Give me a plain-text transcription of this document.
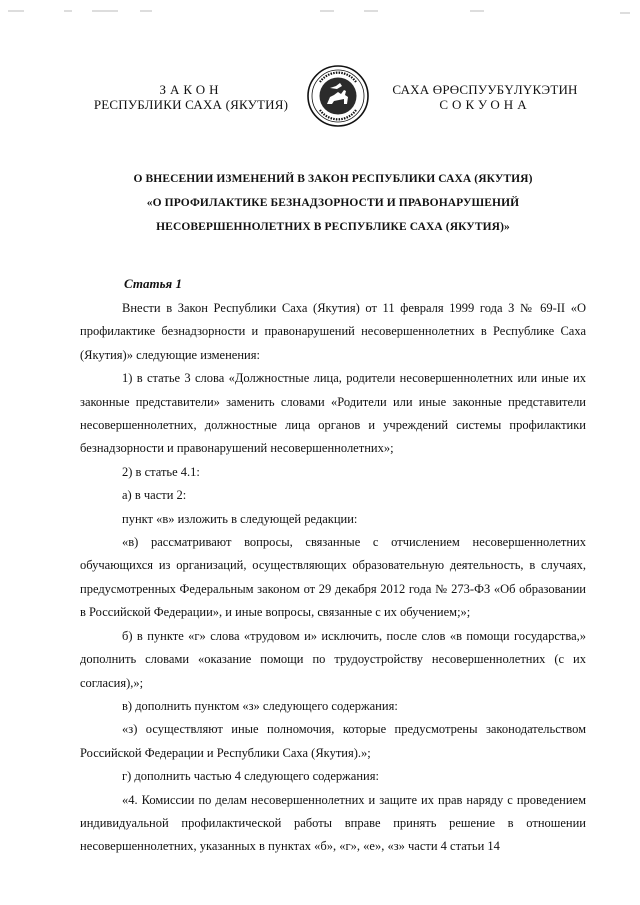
ЗАКОН
РЕСПУБЛИКИ САХА (ЯКУТИЯ)
САХА ӨРӨСПУУБҮЛҮКЭТИН
СОКУОНА
О ВНЕСЕНИИ ИЗМЕНЕНИЙ В ЗАКОН РЕСПУБЛИКИ САХА (ЯКУТИЯ)
«О ПРОФИЛАКТИКЕ БЕЗНАДЗОРНОСТИ И ПРАВОНАРУШЕНИЙ
НЕСОВЕРШЕННОЛЕТНИХ В РЕСПУБЛИКЕ САХА (ЯКУТИЯ)»
Статья 1

Внести в Закон Республики Саха (Якутия) от 11 февраля 1999 года З № 69-II «О профилактике безнадзорности и правонарушений несовершеннолетних в Республике Саха (Якутия)» следующие изменения:

1) в статье 3 слова «Должностные лица, родители несовершеннолетних или иные их законные представители» заменить словами «Родители или иные законные представители несовершеннолетних, должностные лица органов и учреждений системы профилактики безнадзорности и правонарушений несовершеннолетних»;

2) в статье 4.1:

а) в части 2:

пункт «в» изложить в следующей редакции:

«в) рассматривают вопросы, связанные с отчислением несовершеннолетних обучающихся из организаций, осуществляющих образовательную деятельность, в случаях, предусмотренных Федеральным законом от 29 декабря 2012 года № 273-ФЗ «Об образовании в Российской Федерации», и иные вопросы, связанные с их обучением;»;

б) в пункте «г» слова «трудовом и» исключить, после слов «в помощи государства,» дополнить словами «оказание помощи по трудоустройству несовершеннолетних (с их согласия),»;

в) дополнить пунктом «з» следующего содержания:

«з) осуществляют иные полномочия, которые предусмотрены законодательством Российской Федерации и Республики Саха (Якутия).»;

г) дополнить частью 4 следующего содержания:

«4. Комиссии по делам несовершеннолетних и защите их прав наряду с проведением индивидуальной профилактической работы вправе принять решение в отношении несовершеннолетних, указанных в пунктах «б», «г», «е», «з» части 4 статьи 14
